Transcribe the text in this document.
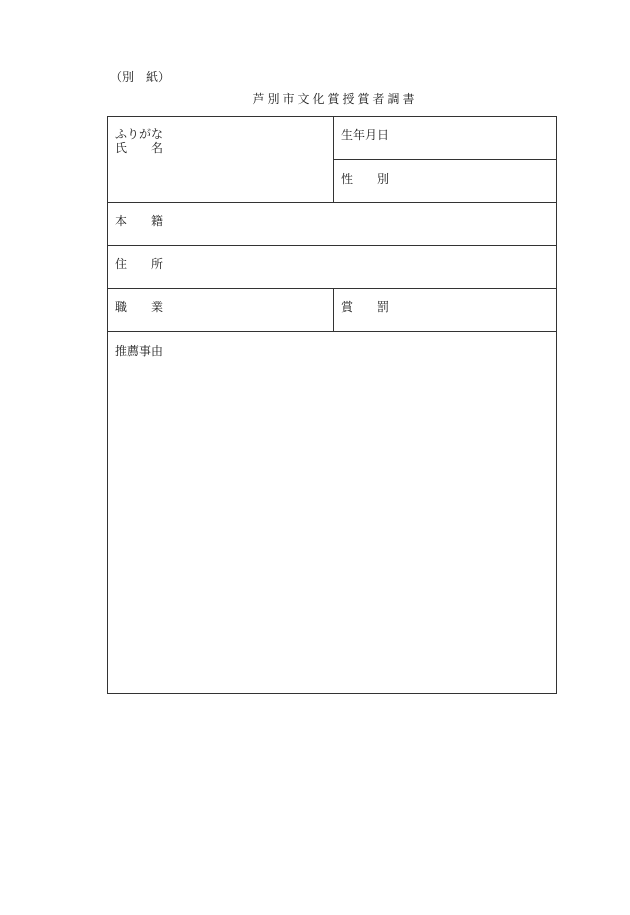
（別　紙）
芦別市文化賞授賞者調書
ふりがな
氏　　名
生年月日
性　　別
本　　籍
住　　所
職　　業	賞　　罰
推薦事由
